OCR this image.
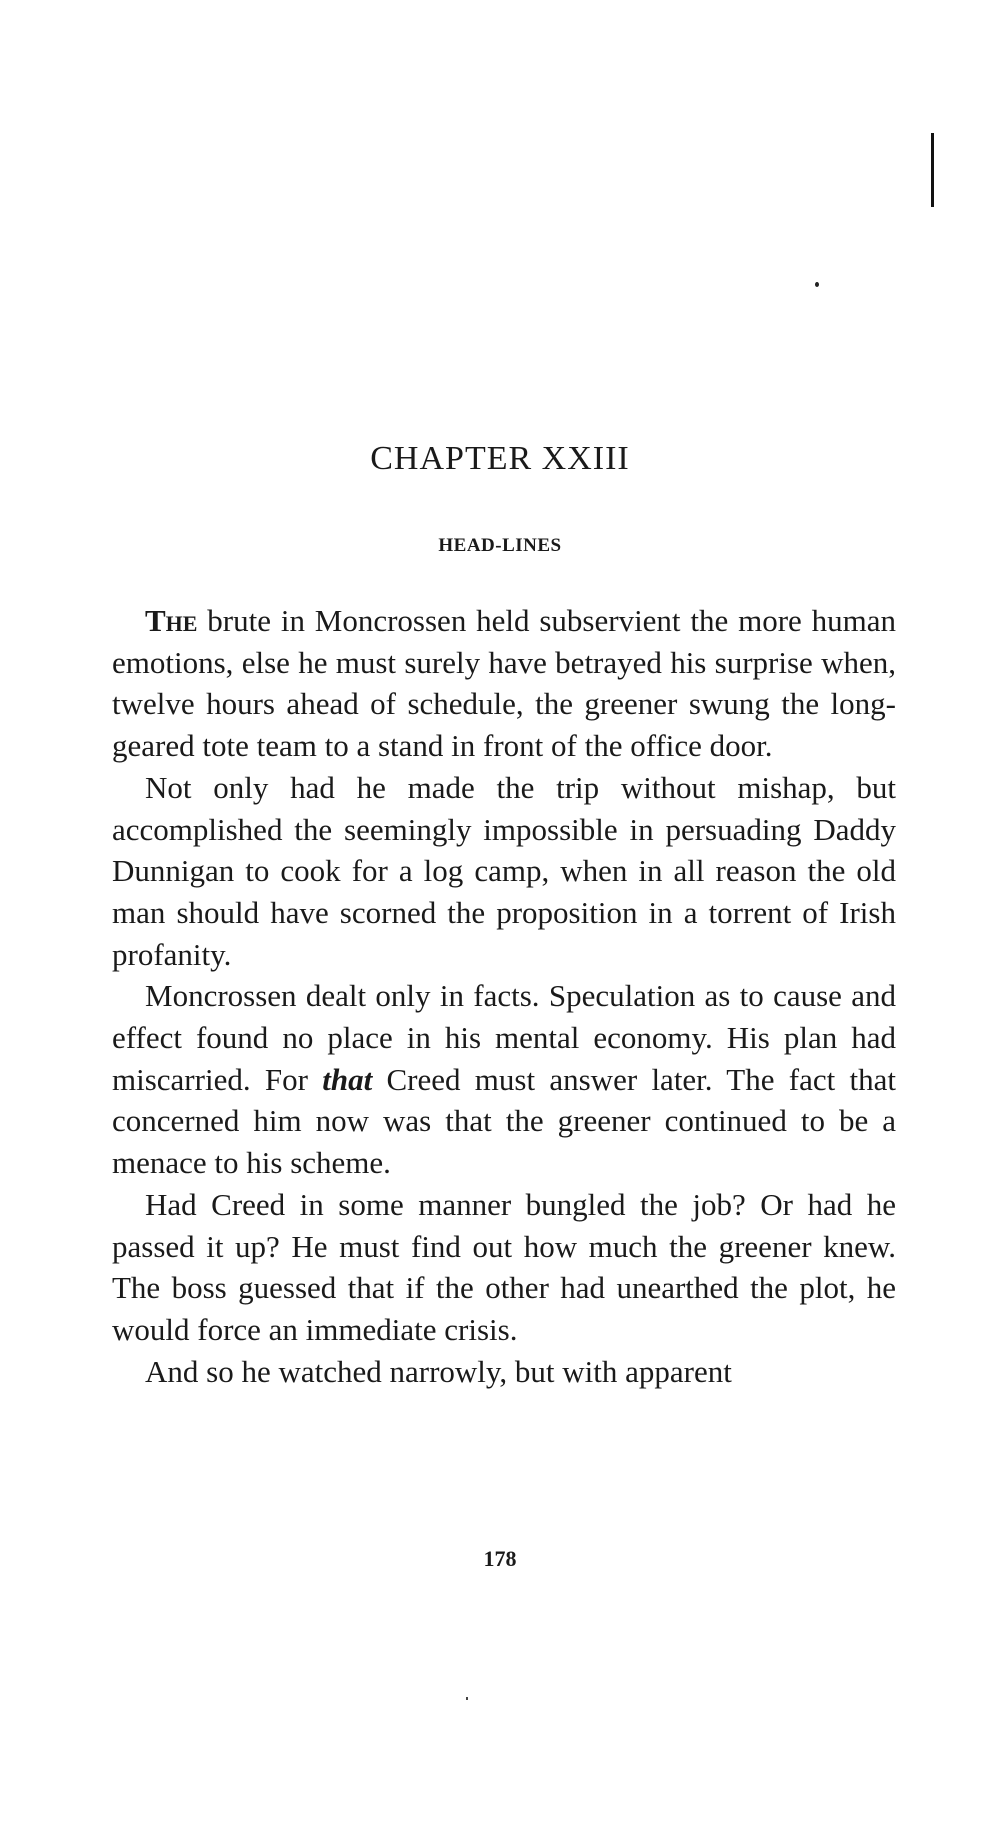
CHAPTER XXIII
HEAD-LINES

The brute in Moncrossen held subservient the more human emotions, else he must surely have betrayed his surprise when, twelve hours ahead of schedule, the greener swung the long-geared tote team to a stand in front of the office door.

Not only had he made the trip without mishap, but accomplished the seemingly impossible in persuading Daddy Dunnigan to cook for a log camp, when in all reason the old man should have scorned the proposition in a torrent of Irish profanity.

Moncrossen dealt only in facts. Speculation as to cause and effect found no place in his mental economy. His plan had miscarried. For that Creed must answer later. The fact that concerned him now was that the greener continued to be a menace to his scheme.

Had Creed in some manner bungled the job? Or had he passed it up? He must find out how much the greener knew. The boss guessed that if the other had unearthed the plot, he would force an immediate crisis.

And so he watched narrowly, but with apparent

178
